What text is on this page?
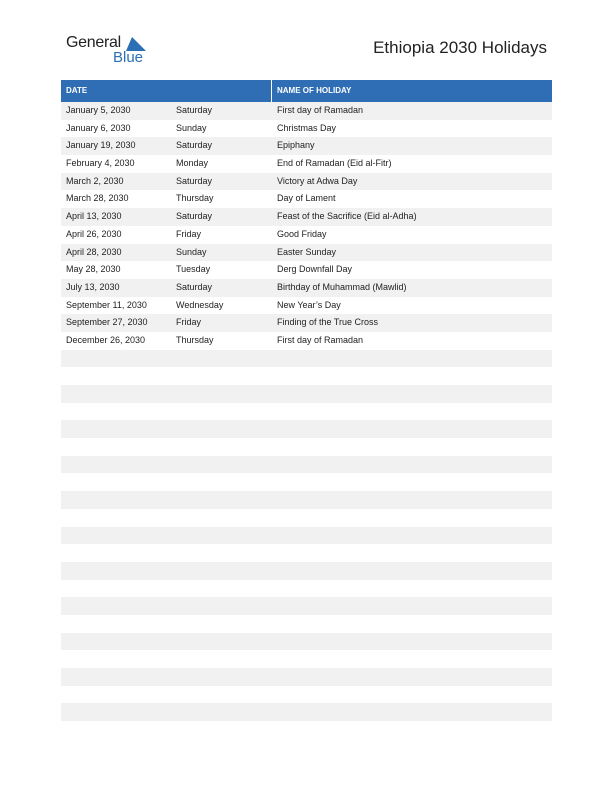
General
Blue
Ethiopia 2030 Holidays
DATE	NAME OF HOLIDAY
January 5, 2030	Saturday	First day of Ramadan
January 6, 2030	Sunday	Christmas Day
January 19, 2030	Saturday	Epiphany
February 4, 2030	Monday	End of Ramadan (Eid al-Fitr)
March 2, 2030	Saturday	Victory at Adwa Day
March 28, 2030	Thursday	Day of Lament
April 13, 2030	Saturday	Feast of the Sacrifice (Eid al-Adha)
April 26, 2030	Friday	Good Friday
April 28, 2030	Sunday	Easter Sunday
May 28, 2030	Tuesday	Derg Downfall Day
July 13, 2030	Saturday	Birthday of Muhammad (Mawlid)
September 11, 2030	Wednesday	New Year’s Day
September 27, 2030	Friday	Finding of the True Cross
December 26, 2030	Thursday	First day of Ramadan
